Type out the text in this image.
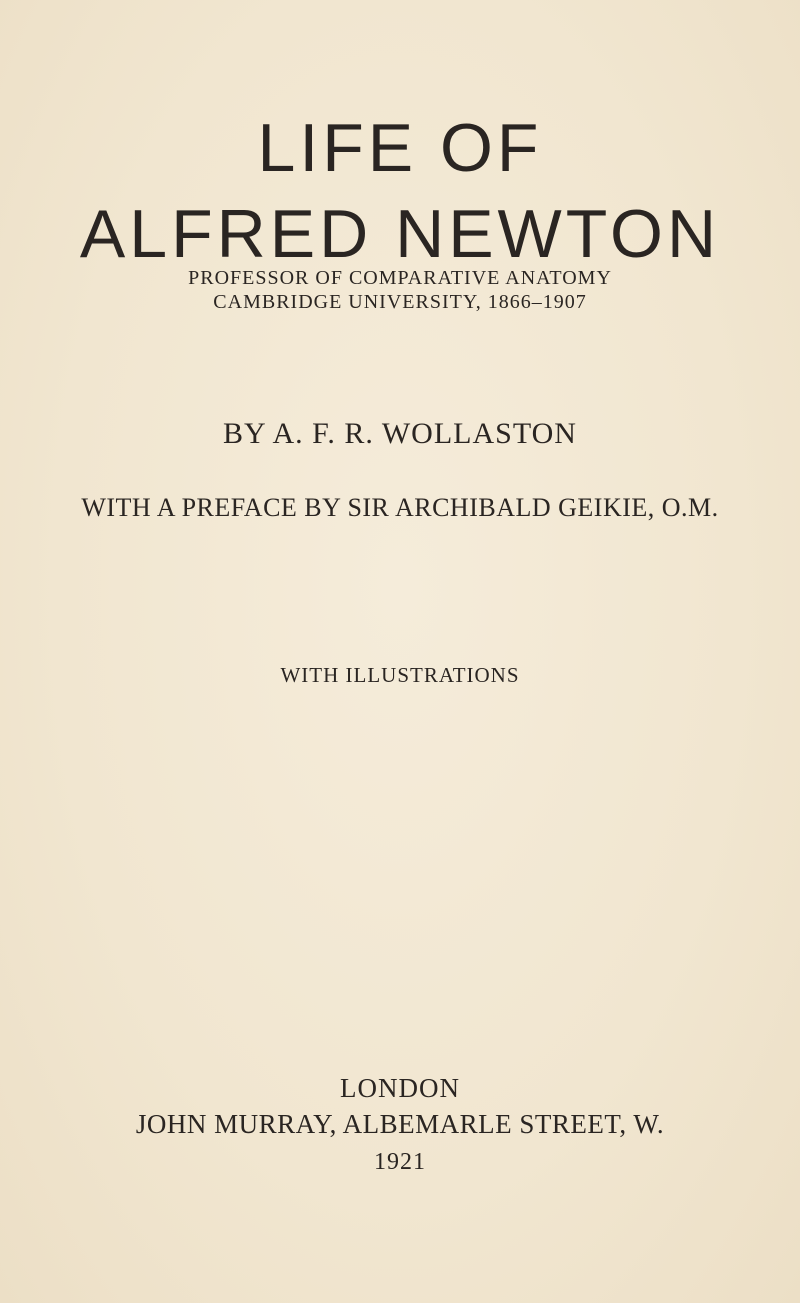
LIFE OF
ALFRED NEWTON

PROFESSOR OF COMPARATIVE ANATOMY

CAMBRIDGE UNIVERSITY, 1866–1907

BY A. F. R. WOLLASTON

WITH A PREFACE BY SIR ARCHIBALD GEIKIE, O.M.

WITH ILLUSTRATIONS

LONDON

JOHN MURRAY, ALBEMARLE STREET, W.

1921
